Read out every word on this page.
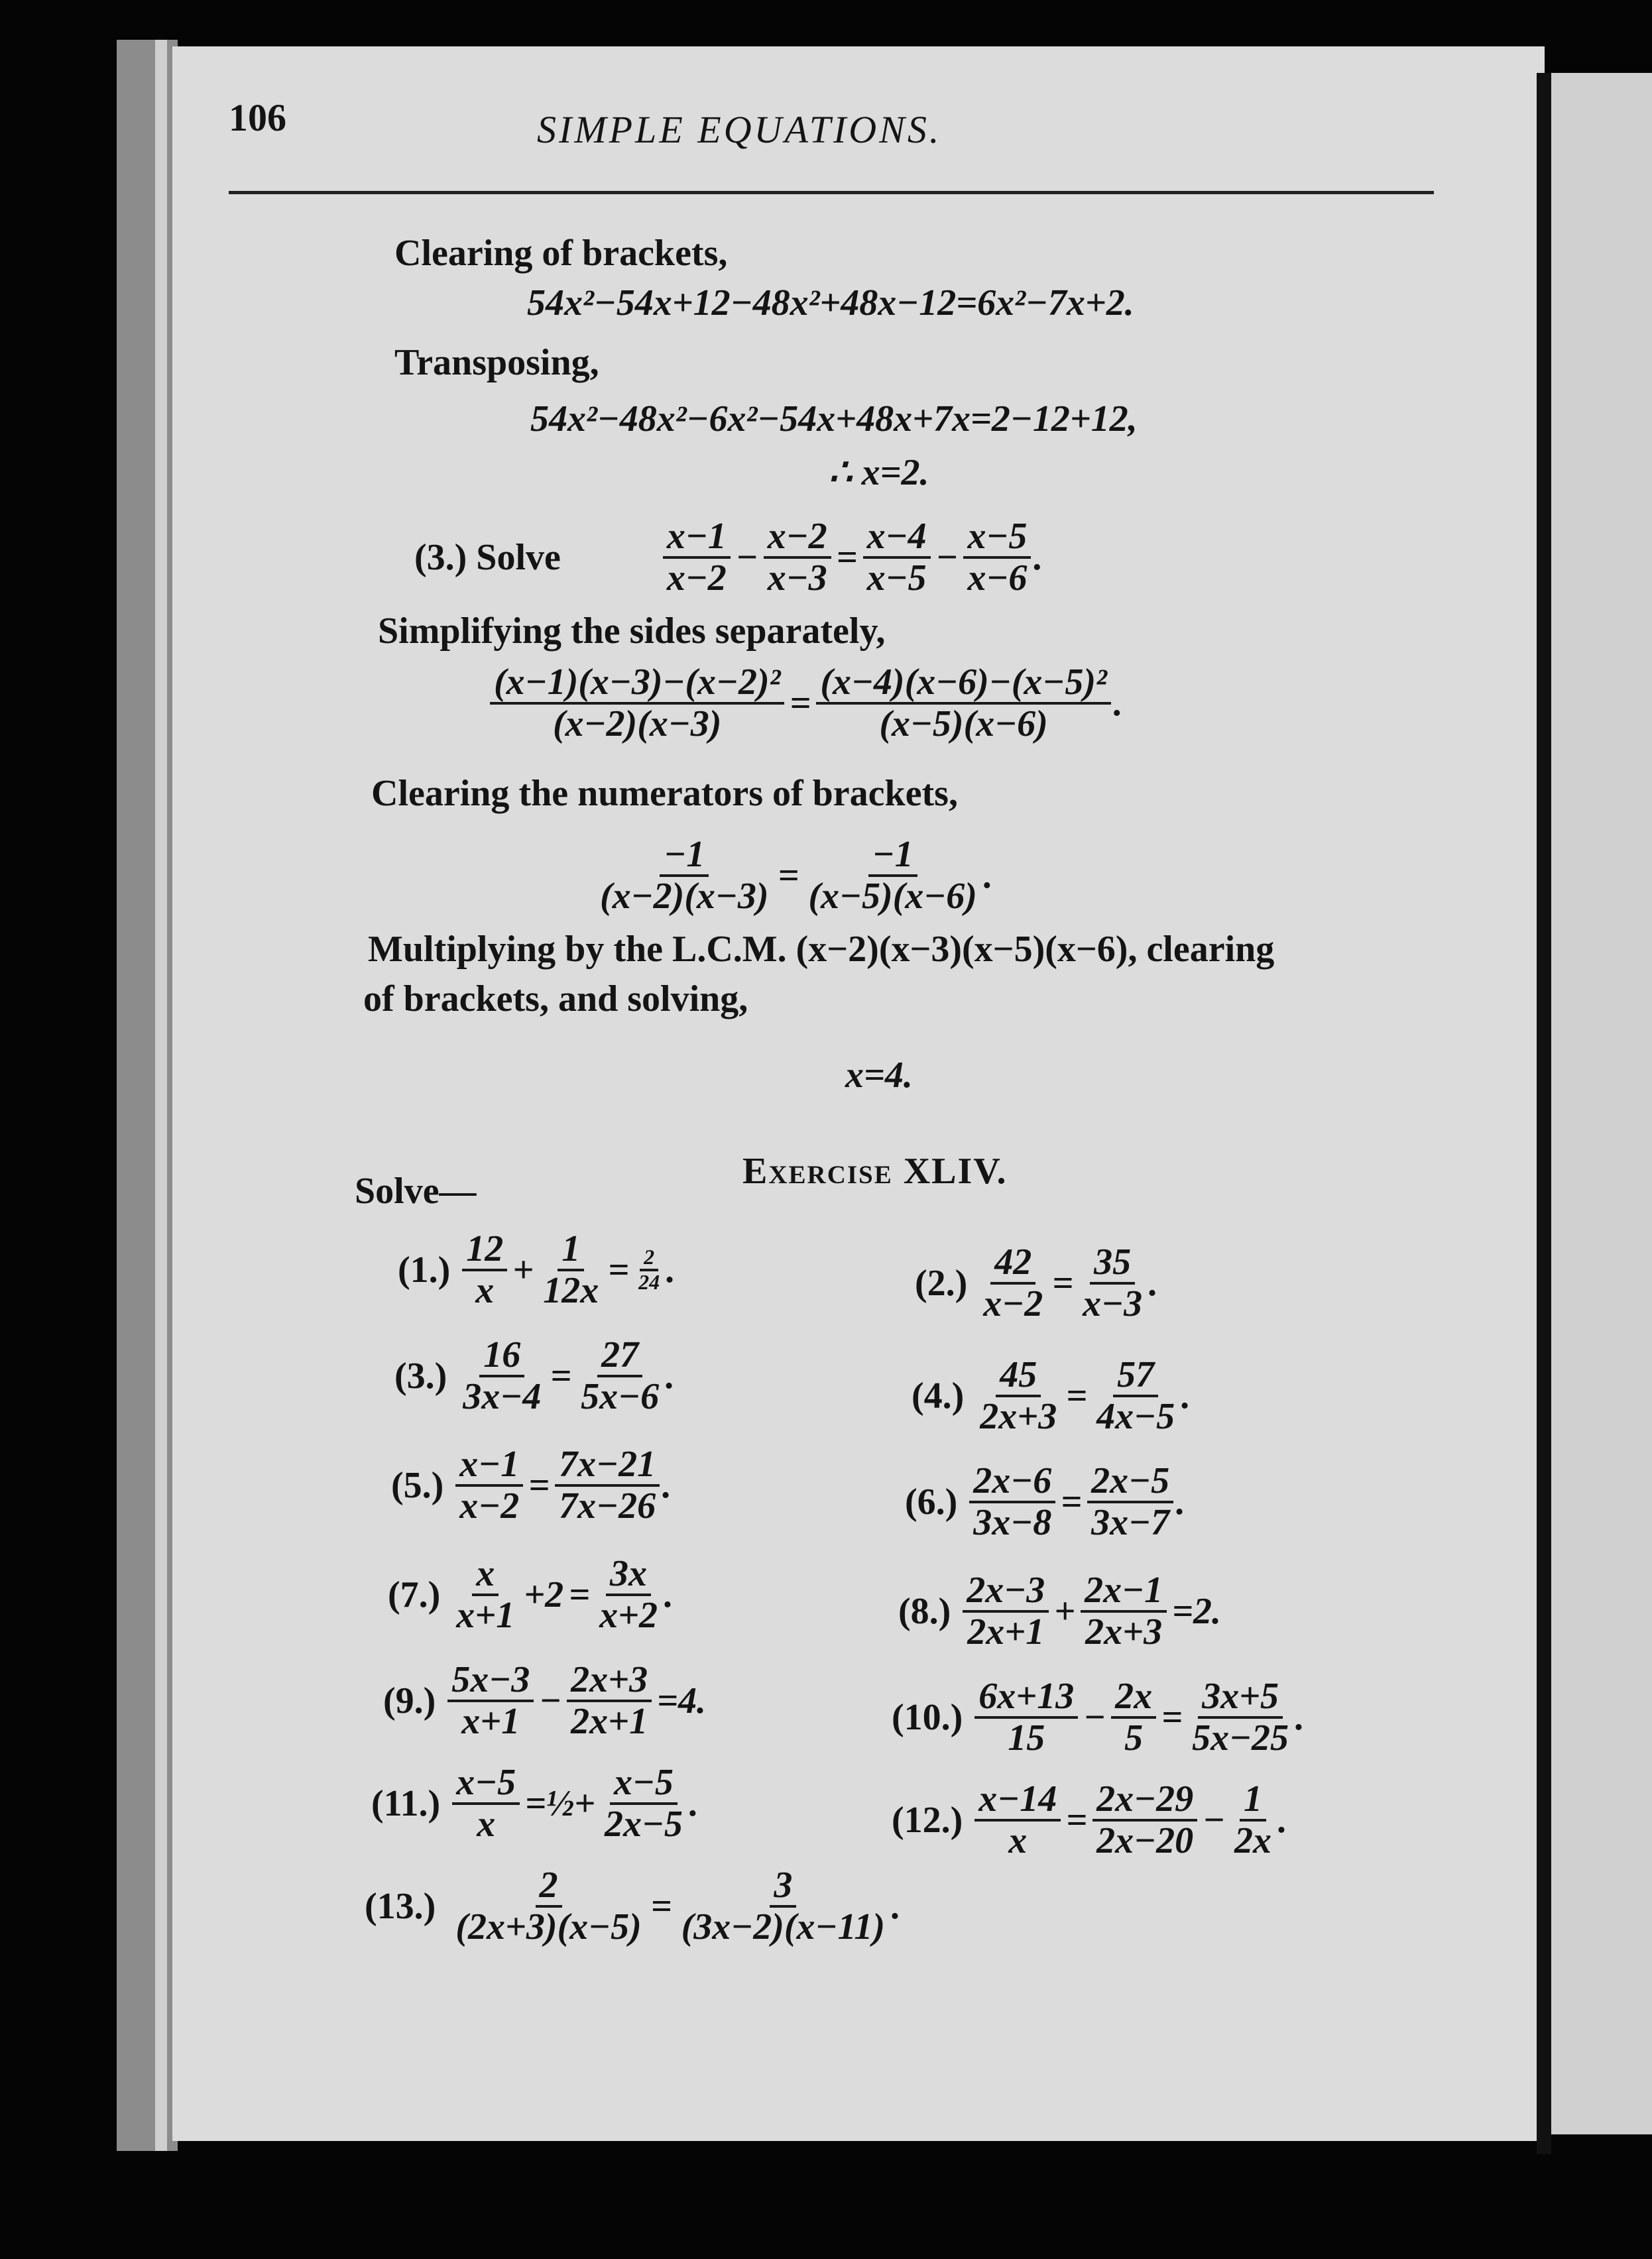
106	SIMPLE EQUATIONS.
Clearing of brackets,
54x²−54x+12−48x²+48x−12=6x²−7x+2.
Transposing,
54x²−48x²−6x²−54x+48x+7x=2−12+12,
∴ x=2.
(3.) Solve	$\frac{x-1}{x-2} - \frac{x-2}{x-3} = \frac{x-4}{x-5} - \frac{x-5}{x-6}$ .
Simplifying the sides separately,
$\frac{\text{(x−1)(x−3)−(x−2)²}}{(x-2)(x-3)} = \frac{\text{(x−4)(x−6)−(x−5)²}}{(x-5)(x-6)}$ .
Clearing the numerators of brackets,
$\frac{-1}{(x-2)(x-3)} = \frac{-1}{(x-5)(x-6)}$ .
Multiplying by the L.C.M. (x−2)(x−3)(x−5)(x−6), clearing
of brackets, and solving,
x=4.
Exercise XLIV.
Solve—
$(1.) \frac{12}{x} + \frac{1}{12x} = \frac{2}{24}$ .	$(2.) \frac{42}{x-2} = \frac{35}{x-3}$ .
$(3.) \frac{16}{3x-4} = \frac{27}{5x-6}$ .	$(4.) \frac{45}{2x+3} = \frac{57}{4x-5}$ .
$(5.) \frac{x-1}{x-2} = \frac{7x-21}{7x-26}$ .	$(6.) \frac{2x-6}{3x-8} = \frac{2x-5}{3x-7}$ .
$(7.) \frac{x}{x+1} +2 = \frac{3x}{x+2}$ .	$(8.) \frac{2x-3}{2x+1} + \frac{2x-1}{2x+3} =2$.
$(9.) \frac{5x-3}{x+1} - \frac{2x+3}{2x+1} =4$.	$(10.) \frac{6x+13}{15} - \frac{2x}{5} = \frac{3x+5}{5x-25}$ .
$(11.) \frac{x-5}{x}$ =½+ $\frac{x-5}{2x-5}$ .	$(12.) \frac{x-14}{x} = \frac{2x-29}{2x-20} - \frac{1}{2x}$ .
$(13.) \frac{2}{(2x+3)(x-5)} = \frac{3}{(3x-2)(x-11)}$ .
